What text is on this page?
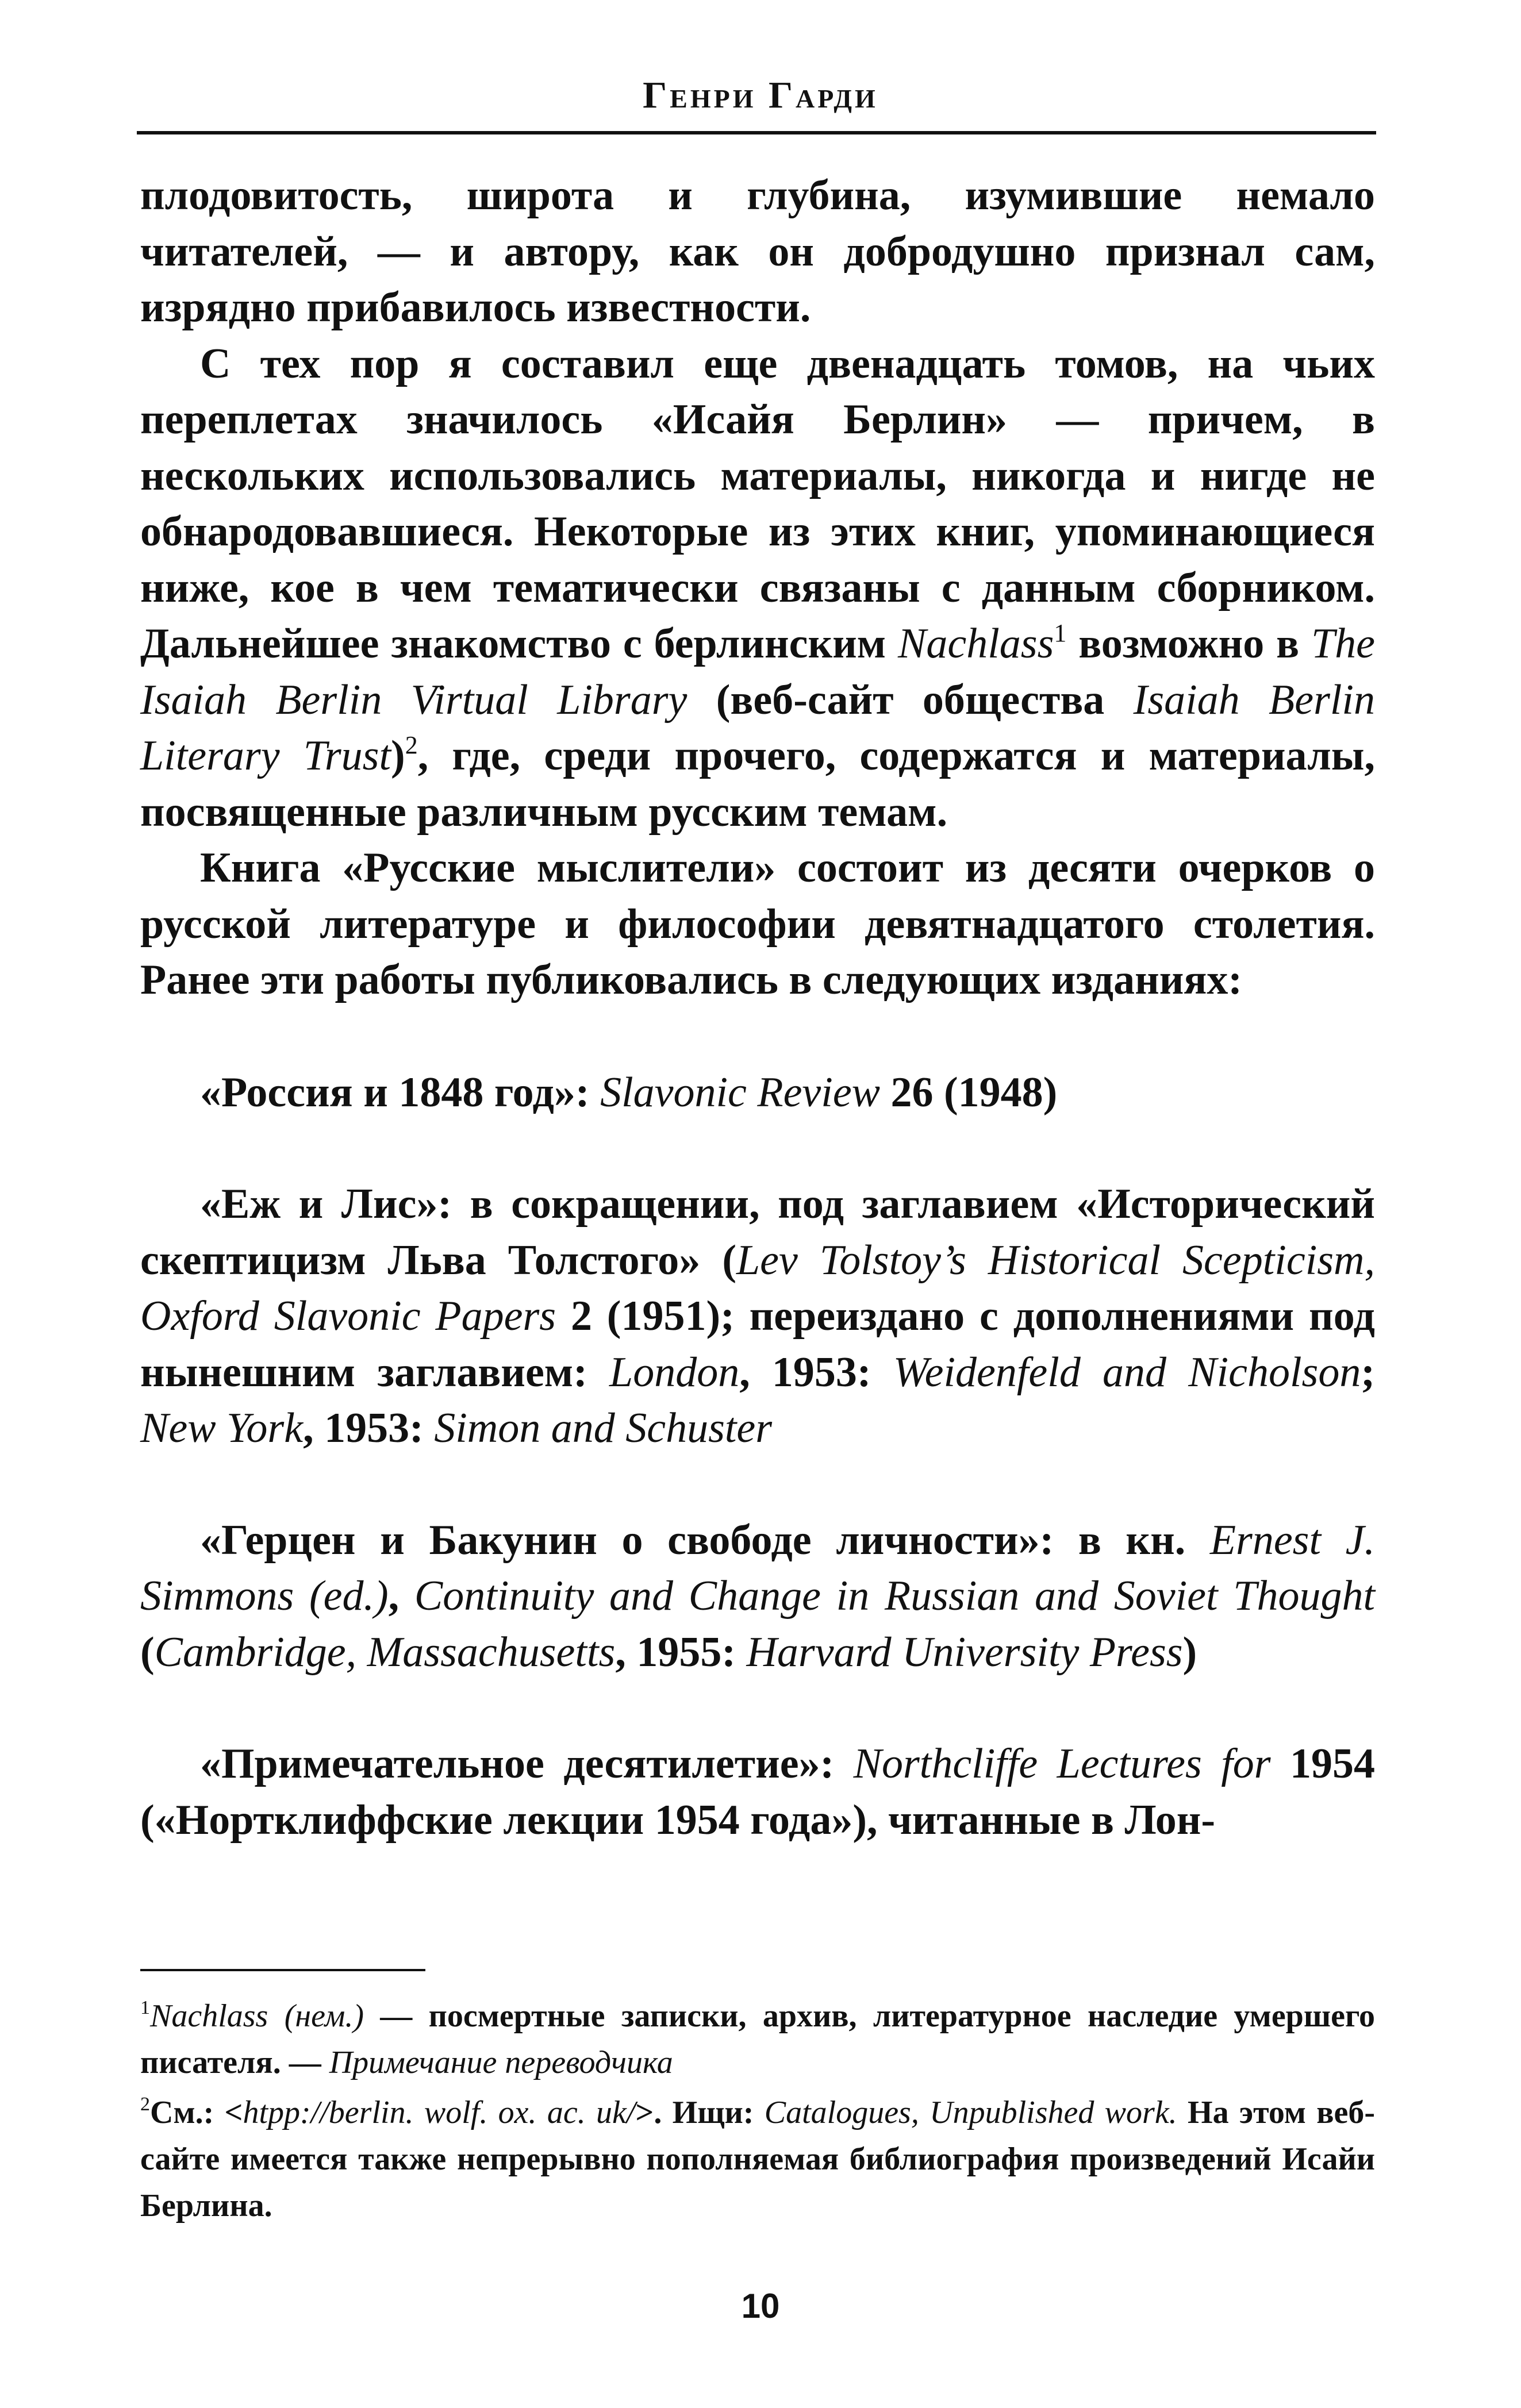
Генри Гарди

плодовитость, широта и глубина, изумившие немало читателей, — и автору, как он добродушно признал сам, изрядно прибавилось известности.

С тех пор я составил еще двенадцать томов, на чьих переплетах значилось «Исайя Берлин» — причем, в нескольких использовались материалы, никогда и нигде не обнародовавшиеся. Некоторые из этих книг, упоминающиеся ниже, кое в чем тематически связаны с данным сборником. Дальнейшее знакомство с берлинским Nachlass$^1$ возможно в The Isaiah Berlin Virtual Library (веб-сайт общества Isaiah Berlin Literary Trust)$^2$, где, среди прочего, содержатся и материалы, посвященные различным русским темам.

Книга «Русские мыслители» состоит из десяти очерков о русской литературе и философии девятнадцатого столетия. Ранее эти работы публиковались в следующих изданиях:

«Россия и 1848 год»: Slavonic Review 26 (1948)

«Еж и Лис»: в сокращении, под заглавием «Исторический скептицизм Льва Толстого» (Lev Tolstoy’s Historical Scepticism, Oxford Slavonic Papers 2 (1951); переиздано с дополнениями под нынешним заглавием: London, 1953: Weidenfeld and Nicholson; New York, 1953: Simon and Schuster

«Герцен и Бакунин о свободе личности»: в кн. Ernest J. Simmons (ed.), Continuity and Change in Russian and Soviet Thought (Cambridge, Massachusetts, 1955: Harvard University Press)

«Примечательное десятилетие»: Northcliffe Lectures for 1954 («Нортклиффские лекции 1954 года»), читанные в Лон-

$^1$Nachlass (нем.) — посмертные записки, архив, литературное наследие умершего писателя. — Примечание переводчика

$^2$См.: <htpp://berlin. wolf. ox. ac. uk/>. Ищи: Catalogues, Unpublished work. На этом веб-сайте имеется также непрерывно пополняемая библиография произведений Исайи Берлина.

10
